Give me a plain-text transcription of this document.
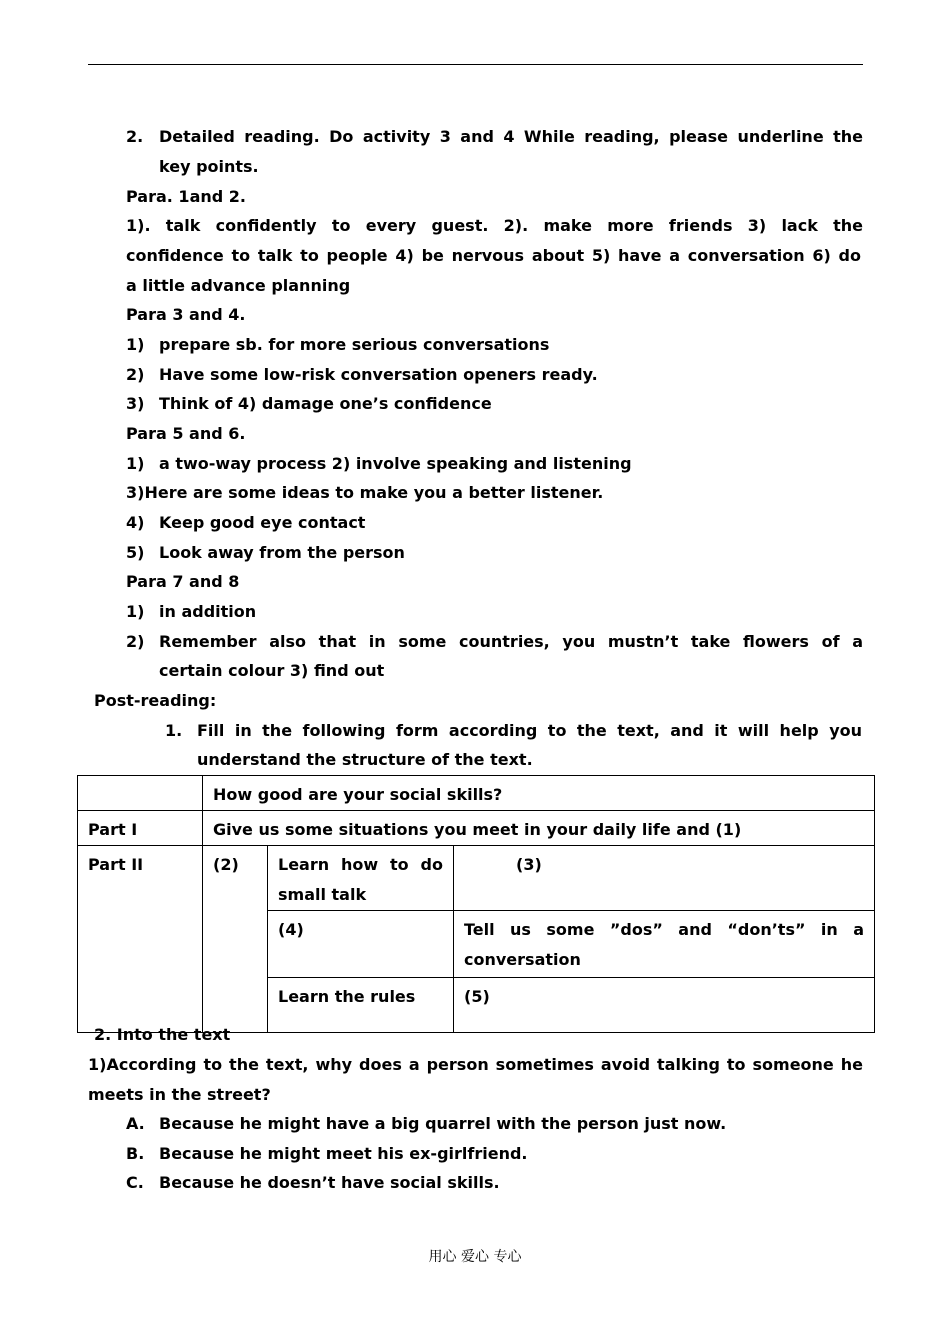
2. Detailed reading. Do activity 3 and 4 While reading, please underline the
key points.
Para. 1and 2.
1). talk confidently to every guest. 2). make more friends 3) lack the
confidence to talk to people 4) be nervous about 5) have a conversation 6) do
a little advance planning
Para 3 and 4.
1) prepare sb. for more serious conversations
2) Have some low-risk conversation openers ready.
3) Think of 4) damage one’s confidence
Para 5 and 6.
1) a two-way process 2) involve speaking and listening
3)Here are some ideas to make you a better listener.
4) Keep good eye contact
5) Look away from the person
Para 7 and 8
1) in addition
2) Remember also that in some countries, you mustn’t take flowers of a
certain colour 3) find out
Post-reading:
1. Fill in the following form according to the text, and it will help you
understand the structure of the text.
	How good are your social skills?		
Part I	Give us some situations you meet in your daily life and (1)		
Part II	(2)	Learn how to do small talk	(3)
		(4)	Tell us some ”dos” and “don’ts” in a conversation
		Learn the rules	(5)
2. Into the text
1)According to the text, why does a person sometimes avoid talking to someone he
meets in the street?
A. Because he might have a big quarrel with the person just now.
B. Because he might meet his ex-girlfriend.
C. Because he doesn’t have social skills.
用心 爱心 专心
